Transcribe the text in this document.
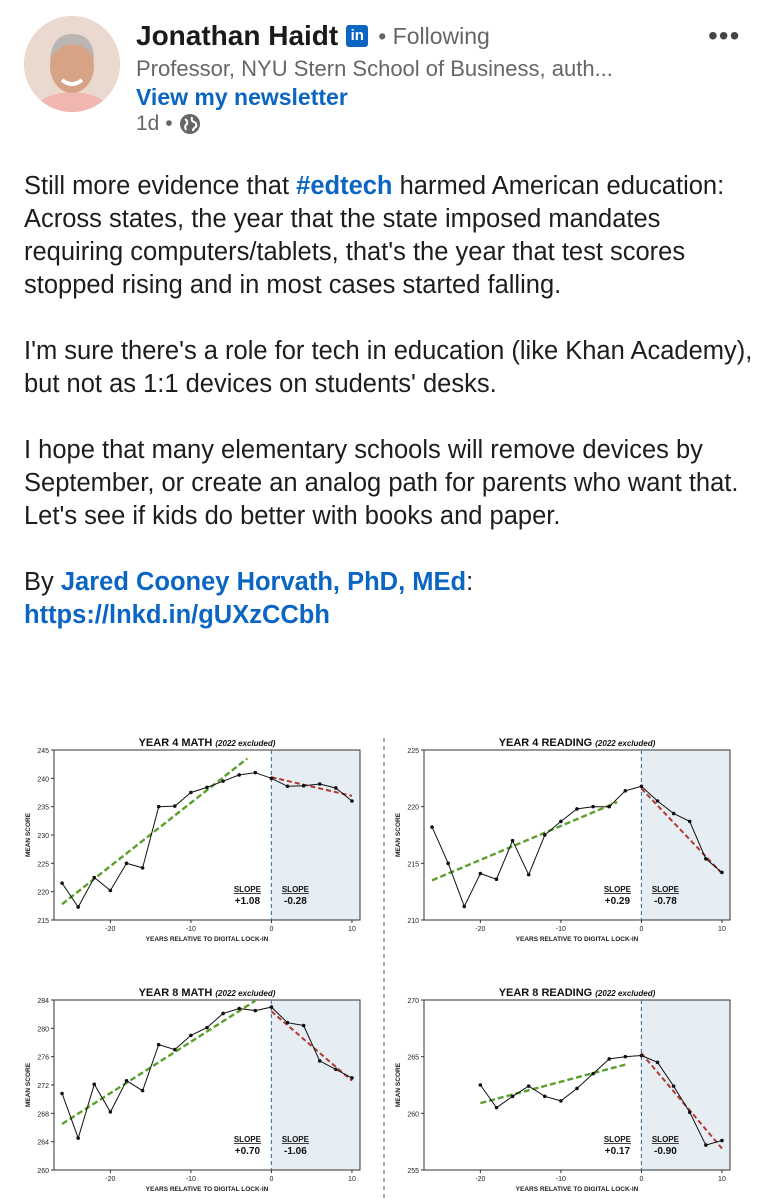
Jonathan Haidt in • Following	•••
Professor, NYU Stern School of Business, auth...
View my newsletter
1d •

Still more evidence that #edtech harmed American education: Across states, the year that the state imposed mandates requiring computers/tablets, that's the year that test scores stopped rising and in most cases started falling.

I'm sure there's a role for tech in education (like Khan Academy), but not as 1:1 devices on students' desks.

I hope that many elementary schools will remove devices by September, or create an analog path for parents who want that. Let's see if kids do better with books and paper.

By Jared Cooney Horvath, PhD, MEd:
https://lnkd.in/gUXzCCbh

YEAR 4 MATH (2022 excluded)
215
220
225
230
235
240
245
-20	-10	0	10
YEARS RELATIVE TO DIGITAL LOCK-IN
MEAN SCORE
SLOPE
+1.08
SLOPE
-0.28
YEAR 4 READING (2022 excluded)
210
215
220
225
-20	-10	0	10
YEARS RELATIVE TO DIGITAL LOCK-IN
MEAN SCORE
SLOPE
+0.29
SLOPE
-0.78
YEAR 8 MATH (2022 excluded)
260
264
268
272
276
280
284
-20	-10	0	10
YEARS RELATIVE TO DIGITAL LOCK-IN
MEAN SCORE
SLOPE
+0.70
SLOPE
-1.06
YEAR 8 READING (2022 excluded)
255
260
265
270
-20	-10	0	10
YEARS RELATIVE TO DIGITAL LOCK-IN
MEAN SCORE
SLOPE
+0.17
SLOPE
-0.90
